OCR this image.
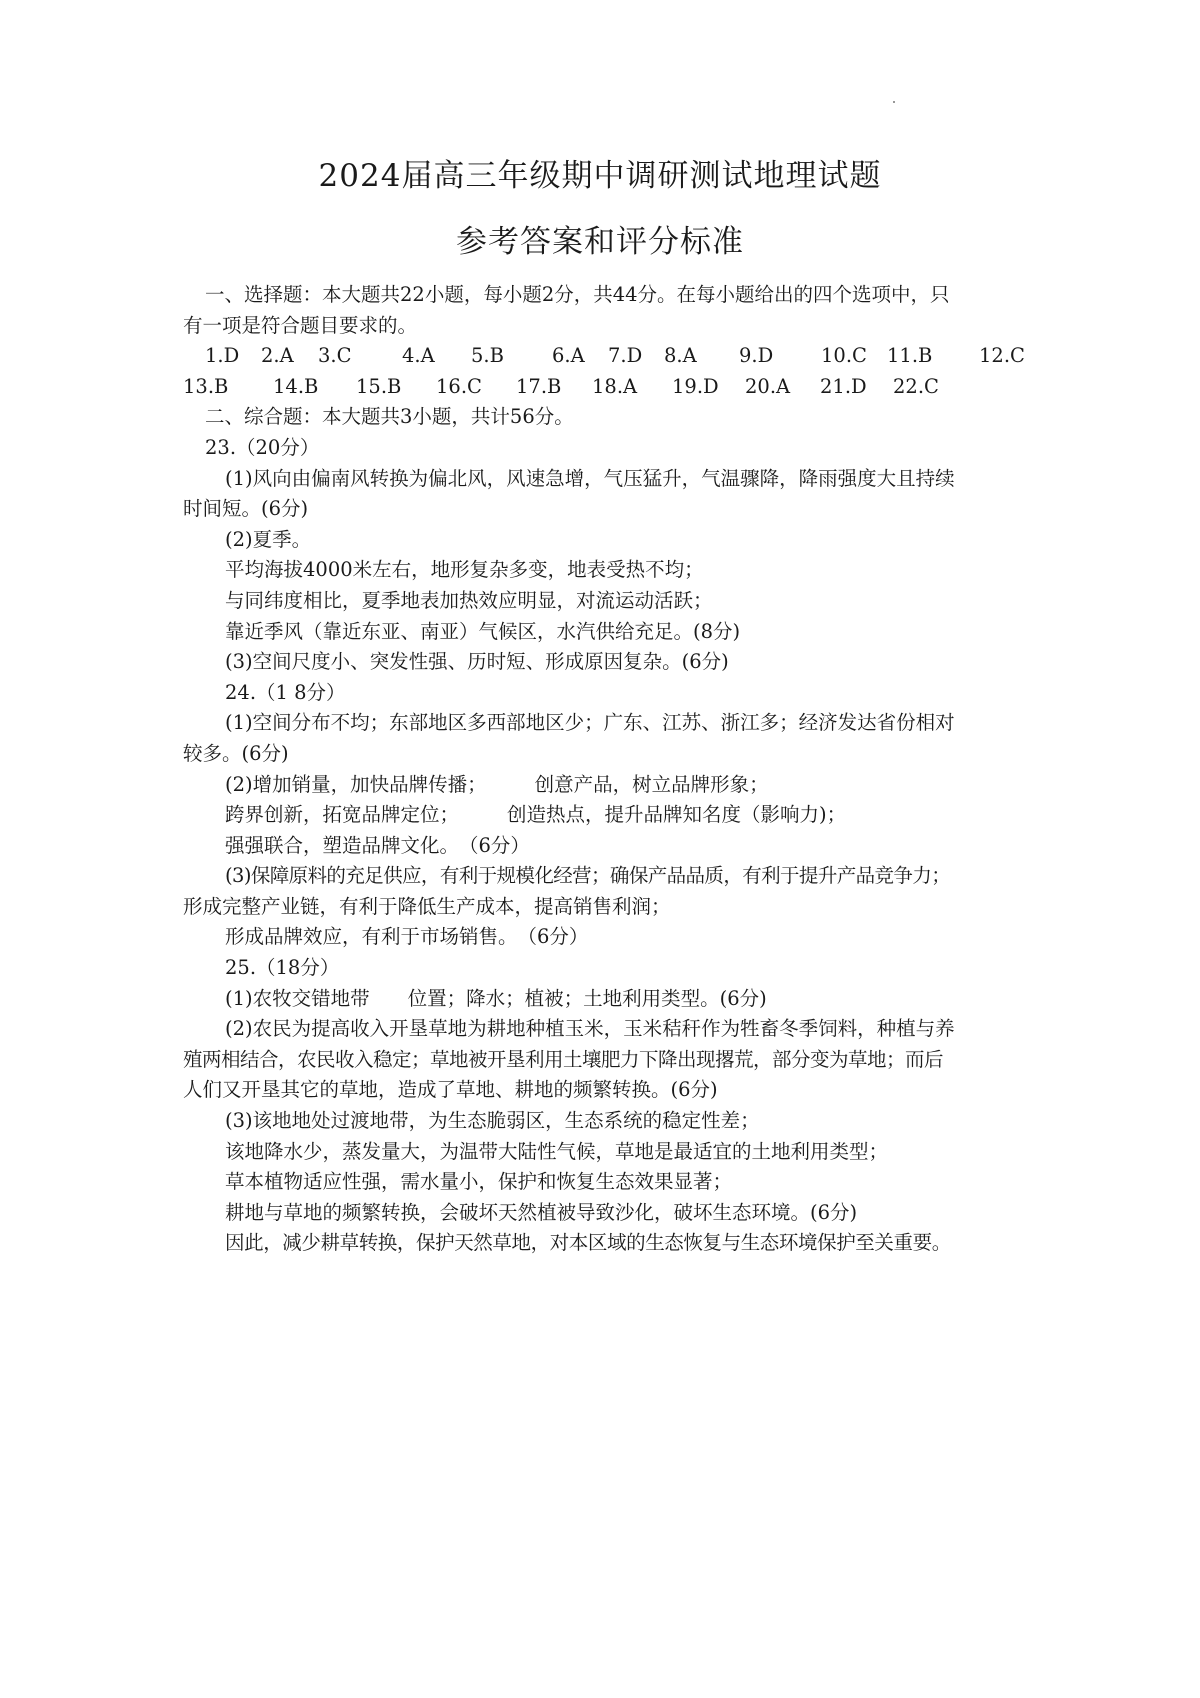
2024届高三年级期中调研测试地理试题
参考答案和评分标准
一、选择题：本大题共22小题，每小题2分，共44分。在每小题给出的四个选项中，只
有一项是符合题目要求的。
1.D	2.A	3.C	4.A	5.B	6.A	7.D	8.A	9.D	10.C	11.B	12.C
13.B	14.B	15.B	16.C	17.B	18.A	19.D	20.A	21.D	22.C
二、综合题：本大题共3小题，共计56分。
23.（20分）
(1)风向由偏南风转换为偏北风，风速急增，气压猛升，气温骤降，降雨强度大且持续
时间短。(6分)
(2)夏季。
平均海拔4000米左右，地形复杂多变，地表受热不均；
与同纬度相比，夏季地表加热效应明显，对流运动活跃；
靠近季风（靠近东亚、南亚）气候区，水汽供给充足。(8分)
(3)空间尺度小、突发性强、历时短、形成原因复杂。(6分)
24.（1 8分）
(1)空间分布不均；东部地区多西部地区少；广东、江苏、浙江多；经济发达省份相对
较多。(6分)
(2)增加销量，加快品牌传播； 创意产品，树立品牌形象；
跨界创新，拓宽品牌定位； 创造热点，提升品牌知名度（影响力)；
强强联合，塑造品牌文化。　（6分）
(3)保障原料的充足供应，有利于规模化经营；确保产品品质，有利于提升产品竞争力；
形成完整产业链，有利于降低生产成本，提高销售利润；
形成品牌效应，有利于市场销售。　（6分）
25.（18分）
(1)农牧交错地带 位置；降水；植被；土地利用类型。(6分)
(2)农民为提高收入开垦草地为耕地种植玉米，玉米秸秆作为牲畜冬季饲料，种植与养
殖两相结合，农民收入稳定；草地被开垦利用土壤肥力下降出现撂荒，部分变为草地；而后
人们又开垦其它的草地，造成了草地、耕地的频繁转换。(6分)
(3)该地地处过渡地带，为生态脆弱区，生态系统的稳定性差；
该地降水少，蒸发量大，为温带大陆性气候，草地是最适宜的土地利用类型；
草本植物适应性强，需水量小，保护和恢复生态效果显著；
耕地与草地的频繁转换，会破坏天然植被导致沙化，破坏生态环境。(6分)
因此，减少耕草转换，保护天然草地，对本区域的生态恢复与生态环境保护至关重要。
